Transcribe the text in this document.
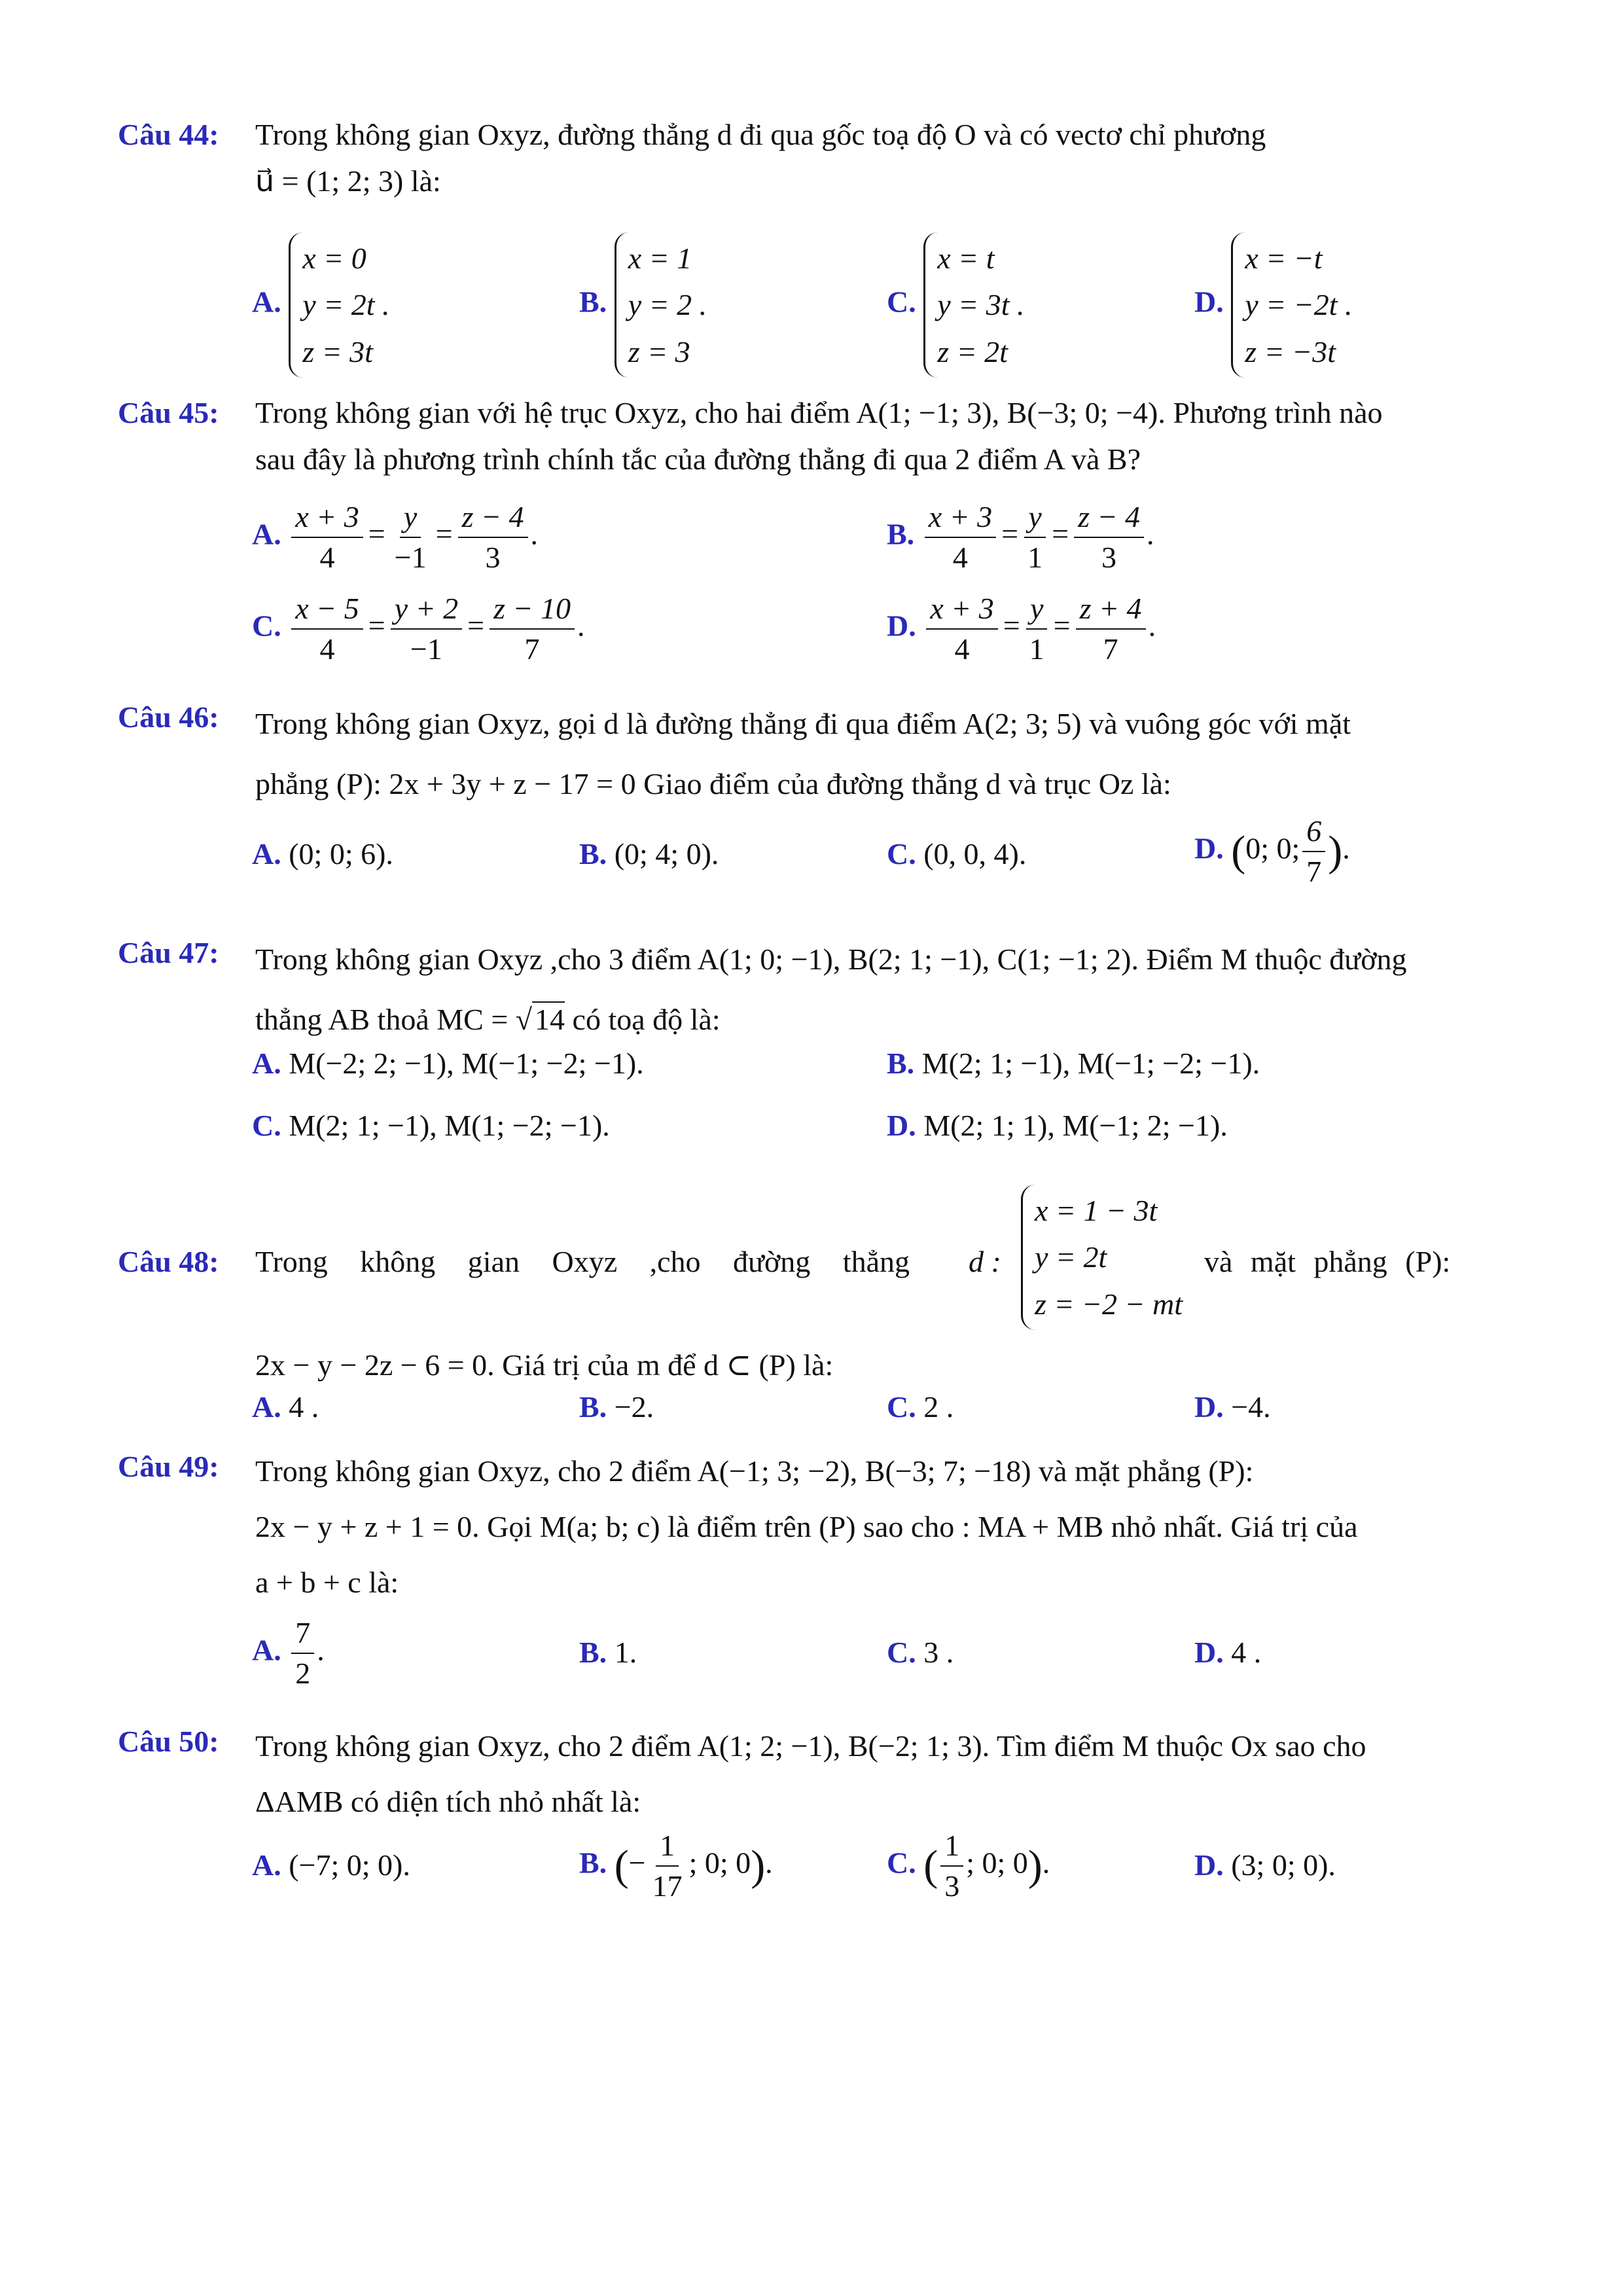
Câu 44: Trong không gian Oxyz, đường thẳng d đi qua gốc toạ độ O và có vectơ chỉ phương
u⃗ = (1; 2; 3) là:
A.
x = 0
y = 2t .
z = 3t
B.
x = 1
y = 2 .
z = 3
C.
x = t
y = 3t .
z = 2t
D.
x = −t
y = −2t .
z = −3t
Câu 45: Trong không gian với hệ trục Oxyz, cho hai điểm A(1; −1; 3), B(−3; 0; −4). Phương trình nào
sau đây là phương trình chính tắc của đường thẳng đi qua 2 điểm A và B?
A. $\frac{x + 3}{4} = \frac{y}{-1} = \frac{z - 4}{3}$ .	B. $\frac{x + 3}{4} = \frac{y}{1} = \frac{z - 4}{3}$ .
C. $\frac{x - 5}{4} = \frac{y + 2}{-1} = \frac{z - 10}{7}$ .	D. $\frac{x + 3}{4} = \frac{y}{1} = \frac{z + 4}{7}$ .
Câu 46: Trong không gian Oxyz, gọi d là đường thẳng đi qua điểm A(2; 3; 5) và vuông góc với mặt
phẳng (P): 2x + 3y + z − 17 = 0 Giao điểm của đường thẳng d và trục Oz là:
A. (0; 0; 6).	B. (0; 4; 0).	C. (0, 0, 4).	D. (0; 0; $\frac{6}{7}$ ).
Câu 47: Trong không gian Oxyz ,cho 3 điểm A(1; 0; −1), B(2; 1; −1), C(1; −1; 2). Điểm M thuộc đường
thẳng AB thoả MC = √14 có toạ độ là:
A. M(−2; 2; −1), M(−1; −2; −1).	B. M(2; 1; −1), M(−1; −2; −1).
C. M(2; 1; −1), M(1; −2; −1).	D. M(2; 1; 1), M(−1; 2; −1).
Câu 48: Trong không gian Oxyz ,cho đường thẳng d :
x = 1 − 3t
y = 2t
z = −2 − mt
và mặt phẳng (P):
2x − y − 2z − 6 = 0. Giá trị của m để d ⊂ (P) là:
A. 4 .	B. −2.	C. 2 .	D. −4.
Câu 49: Trong không gian Oxyz, cho 2 điểm A(−1; 3; −2), B(−3; 7; −18) và mặt phẳng (P):
2x − y + z + 1 = 0. Gọi M(a; b; c) là điểm trên (P) sao cho : MA + MB nhỏ nhất. Giá trị của
a + b + c là:
A. $\frac{7}{2}$ .	B. 1.	C. 3 .	D. 4 .
Câu 50: Trong không gian Oxyz, cho 2 điểm A(1; 2; −1), B(−2; 1; 3). Tìm điểm M thuộc Ox sao cho
ΔAMB có diện tích nhỏ nhất là:
A. (−7; 0; 0).	B. (− $\frac{1}{17}$ ; 0; 0).	C. ( $\frac{1}{3}$ ; 0; 0).	D. (3; 0; 0).
